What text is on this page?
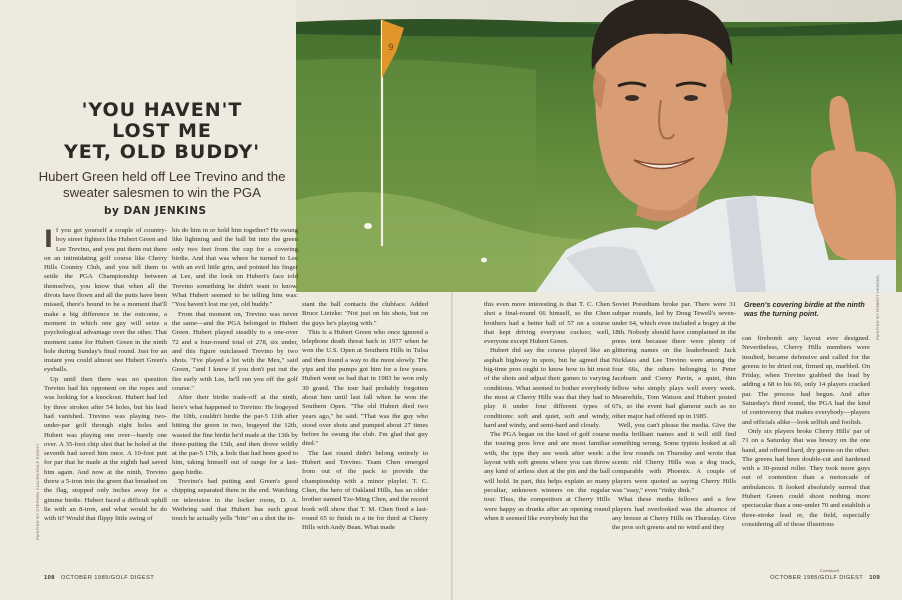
9
PAINTING BY STEPHEN CULLEN/GOLF DIGEST
PAINTING BY ROBERT HEINDEL
'YOU HAVEN'T
LOST ME
YET, OLD BUDDY'
Hubert Green held off Lee Trevino and the sweater salesmen to win the PGA
by DAN JENKINS

If you get yourself a couple of country-boy street fighters like Hubert Green and Lee Trevino, and you put them out there on an intimidating golf course like Cherry Hills Country Club, and you tell them to settle the PGA Championship between themselves, you know that when all the divots have flown and all the putts have been missed, there's bound to be a moment that'll make a big difference in the outcome, a moment in which one guy will seize a psychological advantage over the other. That moment came for Hubert Green in the ninth hole during Sunday's final round. Just for an instant you could almost see Hubert Green's eyeballs.

Up until then there was no question Trevino had his opponent on the ropes and was looking for a knockout. Hubert had led by three strokes after 54 holes, but his lead had vanished. Trevino was playing two-under-par golf through eight holes and Hubert was playing one over—barely one over. A 35-foot chip shot that he holed at the seventh had saved him once. A 10-foot putt for par that he made at the eighth had saved him again. And now at the ninth, Trevino threw a 5-iron into the green that breathed on the flag, stopped only inches away for a gimme birdie. Hubert faced a difficult uphill lie with an 8-iron, and what would he do with it? Would that flippy little swing of

his do him in or hold him together? He swung like lightning and the ball bit into the green only two feet from the cup for a covering birdie. And that was where he turned to Lee with an evil little grin, and pointed his finger at Lee, and the look on Hubert's face told Trevino something he didn't want to know. What Hubert seemed to be telling him was: "You haven't lost me yet, old buddy."

From that moment on, Trevino was never the same—and the PGA belonged to Hubert Green. Hubert played steadily to a one-over 72 and a four-round total of 278, six under, and this figure outclassed Trevino by two shots. "I've played a lot with the Mex," said Green, "and I know if you don't put out the fire early with Lee, he'll run you off the golf course."

After their birdie trade-off at the ninth, here's what happened to Trevino: He bogeyed the 10th, couldn't birdie the par-5 11th after hitting the green in two, bogeyed the 12th, wasted the fine birdie he'd made at the 13th by three-putting the 15th, and then drove wildly at the par-5 17th, a hole that had been good to him, taking himself out of range for a last-gasp birdie.

Trevino's bad putting and Green's good chipping separated them in the end. Watching on television in the locker room, D. A. Weibring said that Hubert has such great touch he actually yells "bite" on a shot the in-

stant the ball contacts the clubface. Added Bruce Lietzke: "Not just on his shots, but on the guys he's playing with."

This is a Hubert Green who once ignored a telephone death threat back in 1977 when he won the U.S. Open at Southern Hills in Tulsa and then found a way to die more slowly. The yips and the pumps got him for a few years. Hubert went so bad that in 1983 he won only 30 grand. The tour had probably forgotten about him until last fall when he won the Southern Open. "The old Hubert died two years ago," he said. "That was the guy who stood over shots and pumped about 27 times before he swung the club. I'm glad that guy died."

The last round didn't belong entirely to Hubert and Trevino. Team Chen emerged from out of the pack to provide the championship with a minor playlet. T. C. Chen, the hero of Oakland Hills, has an older brother named Tze-Ming Chen, and the record book will show that T. M. Chen fired a last-round 65 to finish in a tie for third at Cherry Hills with Andy Bean. What made

this even more interesting is that T. C. Chen shot a final-round 66 himself, so the Chen brothers had a better ball of 57 on a course that kept driving everyone cuckoo; well, everyone except Hubert Green.

Hubert did say the course played like an asphalt highway in spots, but he agreed that big-time pros ought to know how to hit most of the shots and adjust their games to varying conditions. What seemed to bother everybody the most at Cherry Hills was that they had to play it under four different types of conditions: soft and quiet, soft and windy, hard and windy, and semi-hard and cloudy.

The PGA began on the kind of golf course the touring pros love and are most familiar with, the type they see week after week: a layout with soft greens where you can throw any kind of artless shot at the pin and the ball will hold. In part, this helps explain so many peculiar, unknown winners on the regular tour. Thus, the competitors at Cherry Hills were happy as drunks after an opening round when it seemed like everybody but the

Soviet Presidium broke par. There were 31 subpar rounds, led by Doug Tewell's seven-under 64, which even included a bogey at the 18th. Nobody should have complained in the press tent because there were plenty of glittering names on the leaderboard: Jack Nicklaus and Lee Trevino were among the four 66s, the others belonging to Peter Jacobsen and Corey Pavin, a quiet, thin fellow who simply plays well every week. Meanwhile, Tom Watson and Hubert posted 67s, so the event had glamour such as no other major had offered up in 1985.

Well, you can't please the media. Give the media brilliant names and it will still find something wrong. Some typists looked at all the low rounds on Thursday and wrote that scenic old Cherry Hills was a dog track, comparable with Phoenix. A couple of players were quoted as saying Cherry Hills was "easy," even "rinky dink."

What these media fellows and a few players had overlooked was the absence of any breeze at Cherry Hills on Thursday. Give the pros soft greens and no wind and they

Green's covering birdie at the ninth was the turning point.

can firebomb any layout ever designed. Nevertheless, Cherry Hills members were insulted, became defensive and called for the greens to be dried out, firmed up, marbled. On Friday, when Trevino grabbed the lead by adding a 68 to his 66, only 14 players cracked par. The process had begun. And after Saturday's third round, the PGA had the kind of controversy that makes everybody—players and officials alike—look selfish and foolish.

Only six players broke Cherry Hills' par of 71 on a Saturday that was breezy on the one hand, and offered hard, dry greens on the other. The greens had been double-cut and hardened with a 30-pound roller. They took more guys out of contention than a motorcade of ambulances. It looked absolutely surreal that Hubert Green could shoot nothing more spectacular than a one-under 70 and establish a three-stroke lead or, the field, especially considering all of those illustrious

Continued
108 OCTOBER 1985/GOLF DIGEST	OCTOBER 1985/GOLF DIGEST 109
